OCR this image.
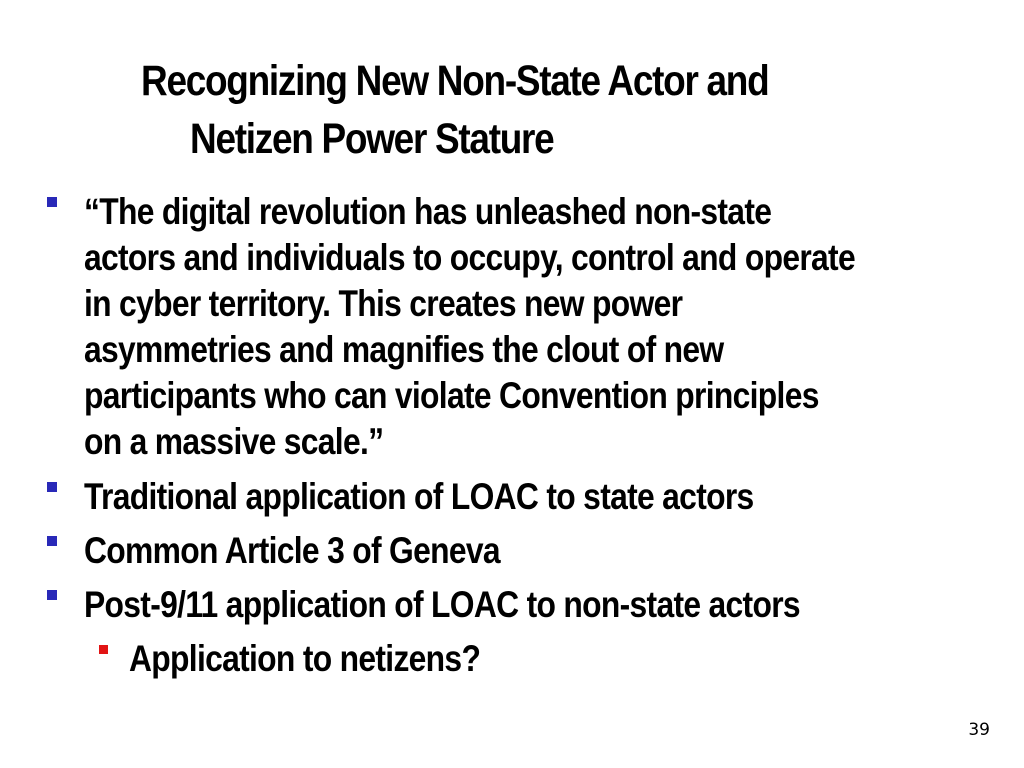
Recognizing New Non-State Actor and
Netizen Power Stature
“The digital revolution has unleashed non-state
actors and individuals to occupy, control and operate
in cyber territory. This creates new power
asymmetries and magnifies the clout of new
participants who can violate Convention principles
on a massive scale.”
Traditional application of LOAC to state actors
Common Article 3 of Geneva
Post-9/11 application of LOAC to non-state actors
Application to netizens?
39
